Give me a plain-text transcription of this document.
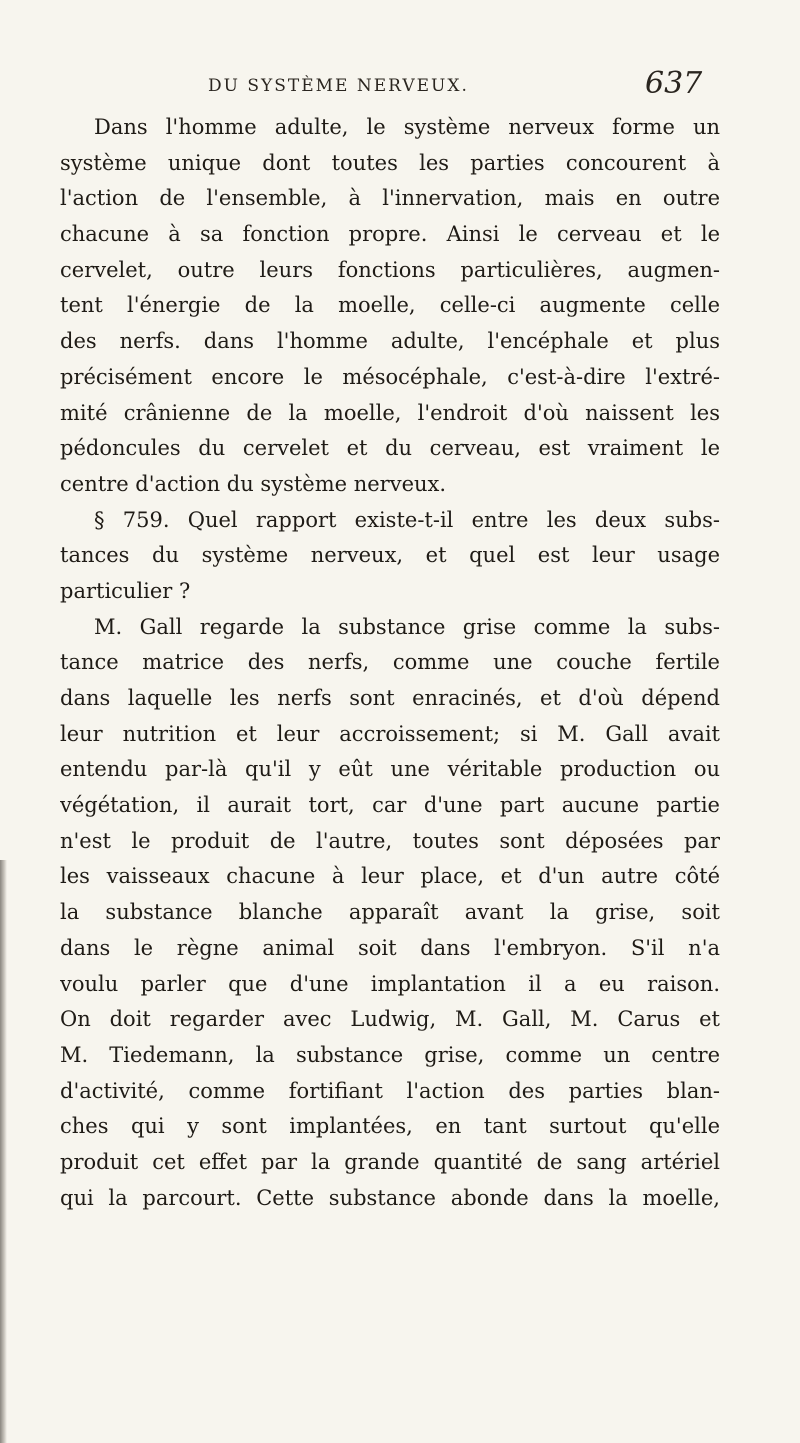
DU SYSTÈME NERVEUX.	637
Dans l'homme adulte, le système nerveux forme un
système unique dont toutes les parties concourent à
l'action de l'ensemble, à l'innervation, mais en outre
chacune à sa fonction propre. Ainsi le cerveau et le
cervelet, outre leurs fonctions particulières, augmen-
tent l'énergie de la moelle, celle-ci augmente celle
des nerfs. dans l'homme adulte, l'encéphale et plus
précisément encore le mésocéphale, c'est-à-dire l'extré-
mité crânienne de la moelle, l'endroit d'où naissent les
pédoncules du cervelet et du cerveau, est vraiment le
centre d'action du système nerveux.
§ 759. Quel rapport existe-t-il entre les deux subs-
tances du système nerveux, et quel est leur usage
particulier ?
M. Gall regarde la substance grise comme la subs-
tance matrice des nerfs, comme une couche fertile
dans laquelle les nerfs sont enracinés, et d'où dépend
leur nutrition et leur accroissement; si M. Gall avait
entendu par-là qu'il y eût une véritable production ou
végétation, il aurait tort, car d'une part aucune partie
n'est le produit de l'autre, toutes sont déposées par
les vaisseaux chacune à leur place, et d'un autre côté
la substance blanche apparaît avant la grise, soit
dans le règne animal soit dans l'embryon. S'il n'a
voulu parler que d'une implantation il a eu raison.
On doit regarder avec Ludwig, M. Gall, M. Carus et
M. Tiedemann, la substance grise, comme un centre
d'activité, comme fortifiant l'action des parties blan-
ches qui y sont implantées, en tant surtout qu'elle
produit cet effet par la grande quantité de sang artériel
qui la parcourt. Cette substance abonde dans la moelle,
